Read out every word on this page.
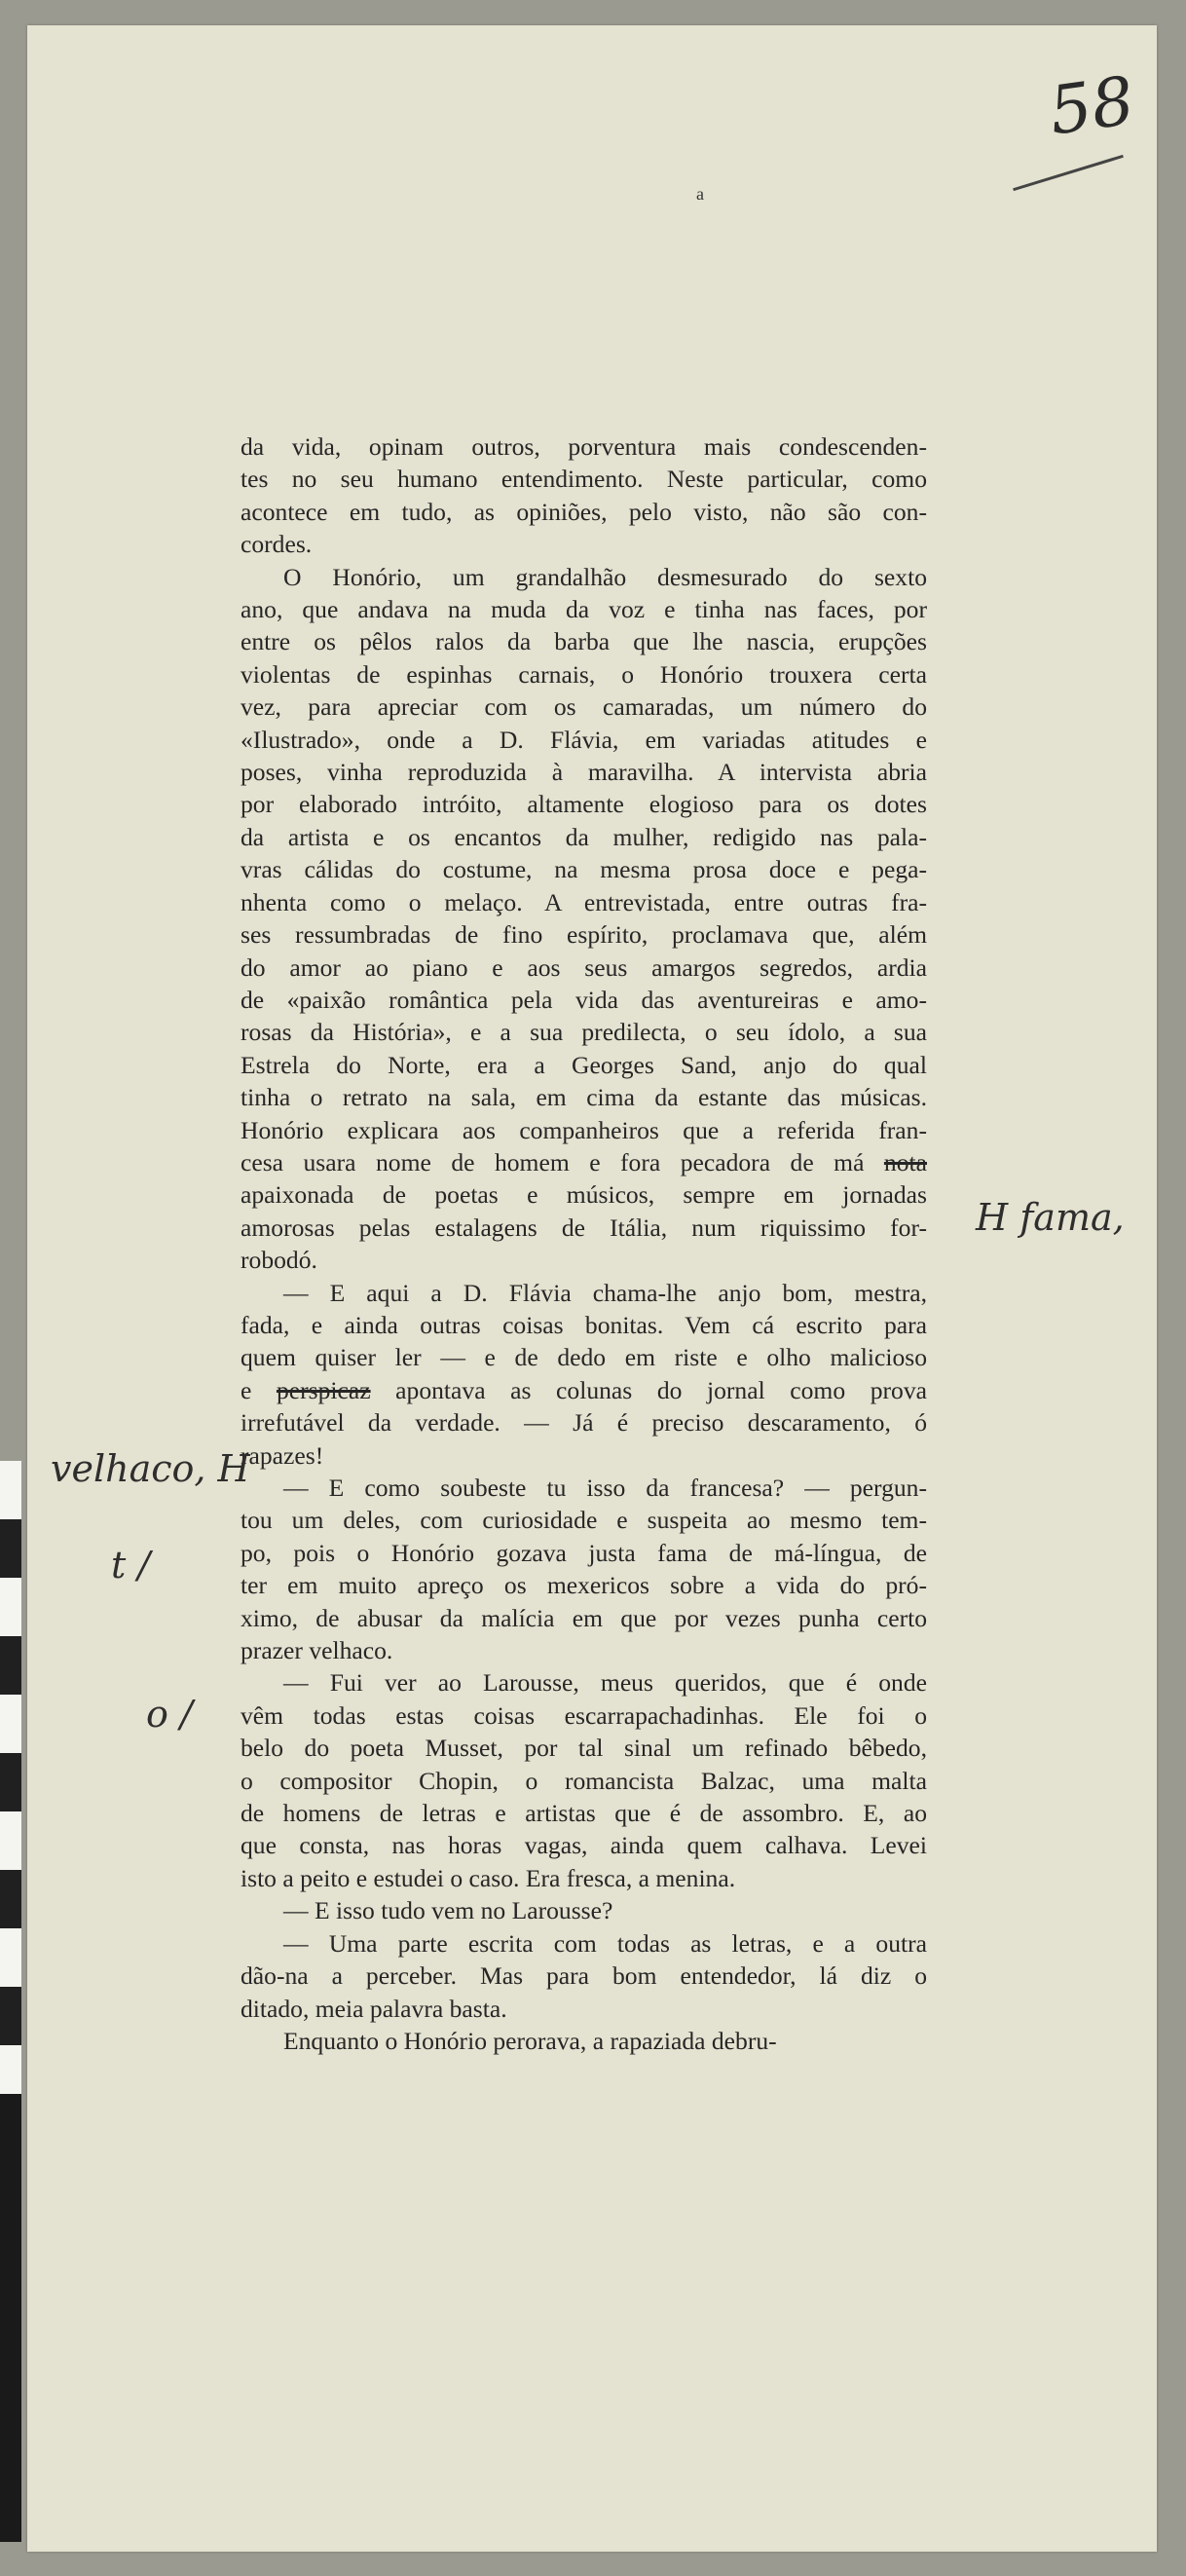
58
a
da vida, opinam outros, porventura mais condescenden-
tes no seu humano entendimento. Neste particular, como
acontece em tudo, as opiniões, pelo visto, não são con-
cordes.
O Honório, um grandalhão desmesurado do sexto
ano, que andava na muda da voz e tinha nas faces, por
entre os pêlos ralos da barba que lhe nascia, erupções
violentas de espinhas carnais, o Honório trouxera certa
vez, para apreciar com os camaradas, um número do
«Ilustrado», onde a D. Flávia, em variadas atitudes e
poses, vinha reproduzida à maravilha. A intervista abria
por elaborado intróito, altamente elogioso para os dotes
da artista e os encantos da mulher, redigido nas pala-
vras cálidas do costume, na mesma prosa doce e pega-
nhenta como o melaço. A entrevistada, entre outras fra-
ses ressumbradas de fino espírito, proclamava que, além
do amor ao piano e aos seus amargos segredos, ardia
de «paixão romântica pela vida das aventureiras e amo-
rosas da História», e a sua predilecta, o seu ídolo, a sua
Estrela do Norte, era a Georges Sand, anjo do qual
tinha o retrato na sala, em cima da estante das músicas.
Honório explicara aos companheiros que a referida fran-
cesa usara nome de homem e fora pecadora de má nota
apaixonada de poetas e músicos, sempre em jornadas
amorosas pelas estalagens de Itália, num riquissimo for-
robodó.
— E aqui a D. Flávia chama-lhe anjo bom, mestra,
fada, e ainda outras coisas bonitas. Vem cá escrito para
quem quiser ler — e de dedo em riste e olho malicioso
e perspicaz apontava as colunas do jornal como prova
irrefutável da verdade. — Já é preciso descaramento, ó
rapazes!
— E como soubeste tu isso da francesa? — pergun-
tou um deles, com curiosidade e suspeita ao mesmo tem-
po, pois o Honório gozava justa fama de má-língua, de
ter em muito apreço os mexericos sobre a vida do pró-
ximo, de abusar da malícia em que por vezes punha certo
prazer velhaco.
— Fui ver ao Larousse, meus queridos, que é onde
vêm todas estas coisas escarrapachadinhas. Ele foi o
belo do poeta Musset, por tal sinal um refinado bêbedo,
o compositor Chopin, o romancista Balzac, uma malta
de homens de letras e artistas que é de assombro. E, ao
que consta, nas horas vagas, ainda quem calhava. Levei
isto a peito e estudei o caso. Era fresca, a menina.
— E isso tudo vem no Larousse?
— Uma parte escrita com todas as letras, e a outra
dão-na a perceber. Mas para bom entendedor, lá diz o
ditado, meia palavra basta.
Enquanto o Honório perorava, a rapaziada debru-
H fama,
velhaco, H
t /
o /
